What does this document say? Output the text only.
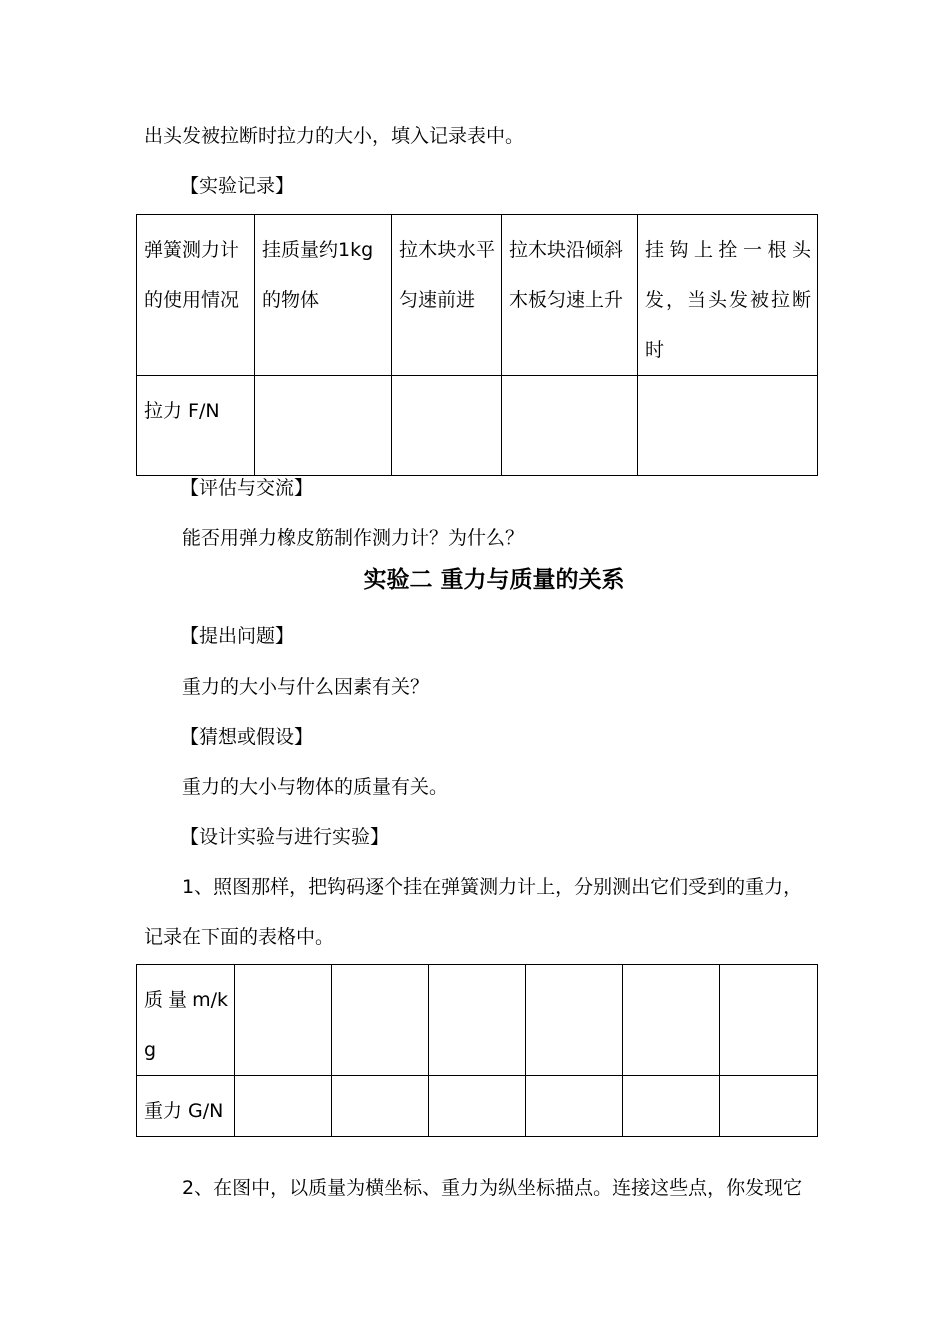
出头发被拉断时拉力的大小，填入记录表中。
【实验记录】
弹簧测力计的使用情况	挂质量约1kg的物体	拉木块水平匀速前进	拉木块沿倾斜木板匀速上升	挂钩上拴一根头发，当头发被拉断时
拉力 F/N				
【评估与交流】
能否用弹力橡皮筋制作测力计？为什么？
实验二 重力与质量的关系
【提出问题】
重力的大小与什么因素有关？
【猜想或假设】
重力的大小与物体的质量有关。
【设计实验与进行实验】
1、照图那样，把钩码逐个挂在弹簧测力计上，分别测出它们受到的重力，
记录在下面的表格中。
质量m/kg						
重力 G/N						
2、在图中，以质量为横坐标、重力为纵坐标描点。连接这些点，你发现它
